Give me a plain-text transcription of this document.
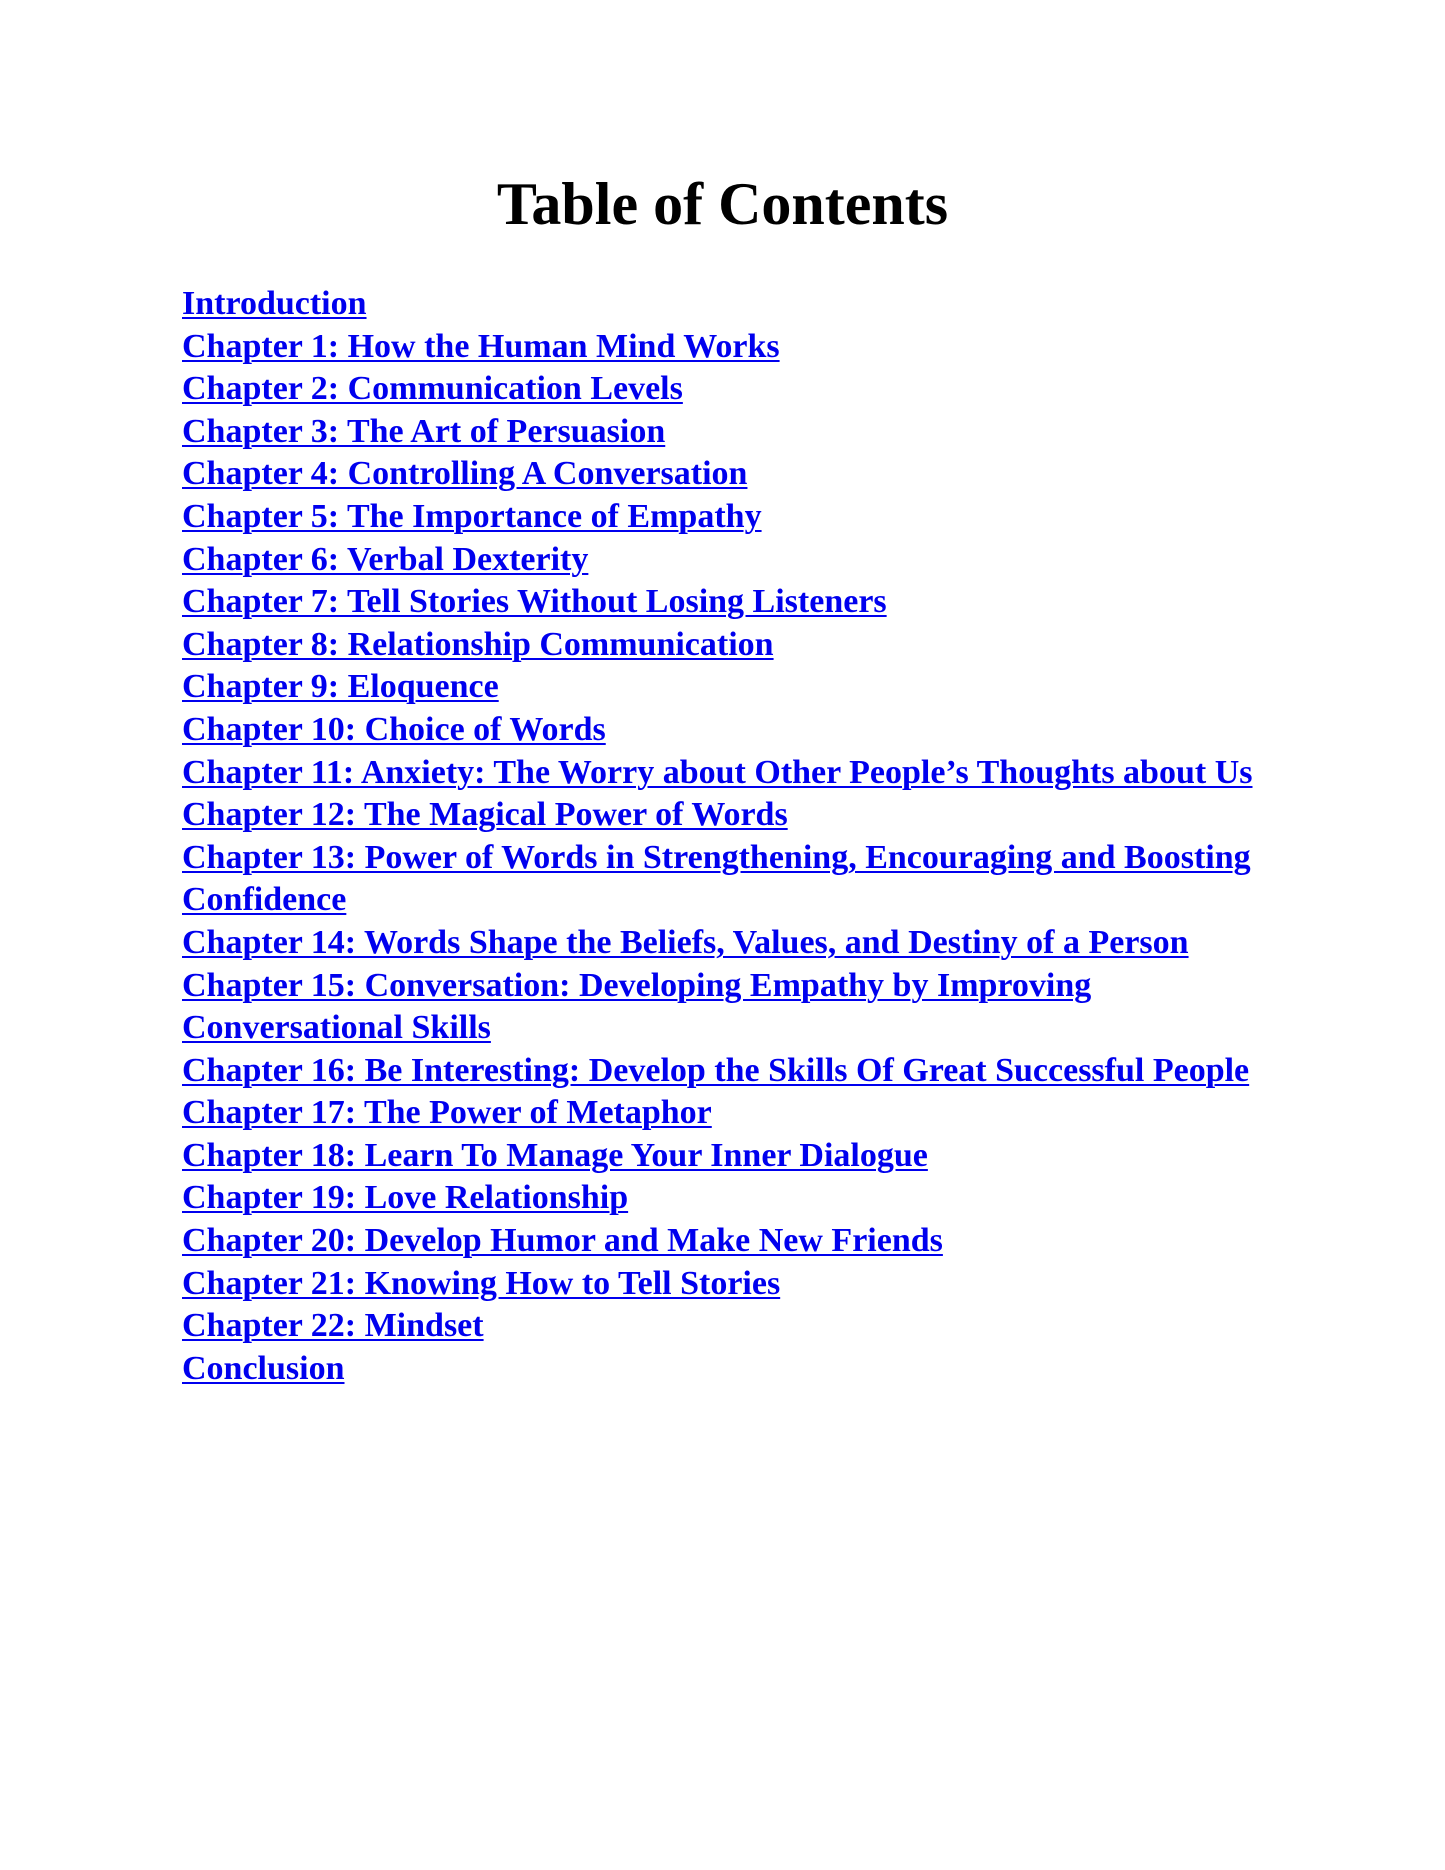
Table of Contents
Introduction
Chapter 1: How the Human Mind Works
Chapter 2: Communication Levels
Chapter 3: The Art of Persuasion
Chapter 4: Controlling A Conversation
Chapter 5: The Importance of Empathy
Chapter 6: Verbal Dexterity
Chapter 7: Tell Stories Without Losing Listeners
Chapter 8: Relationship Communication
Chapter 9: Eloquence
Chapter 10: Choice of Words
Chapter 11: Anxiety: The Worry about Other People’s Thoughts about Us
Chapter 12: The Magical Power of Words
Chapter 13: Power of Words in Strengthening, Encouraging and Boosting Confidence
Chapter 14: Words Shape the Beliefs, Values, and Destiny of a Person
Chapter 15: Conversation: Developing Empathy by Improving Conversational Skills
Chapter 16: Be Interesting: Develop the Skills Of Great Successful People
Chapter 17: The Power of Metaphor
Chapter 18: Learn To Manage Your Inner Dialogue
Chapter 19: Love Relationship
Chapter 20: Develop Humor and Make New Friends
Chapter 21: Knowing How to Tell Stories
Chapter 22: Mindset
Conclusion
